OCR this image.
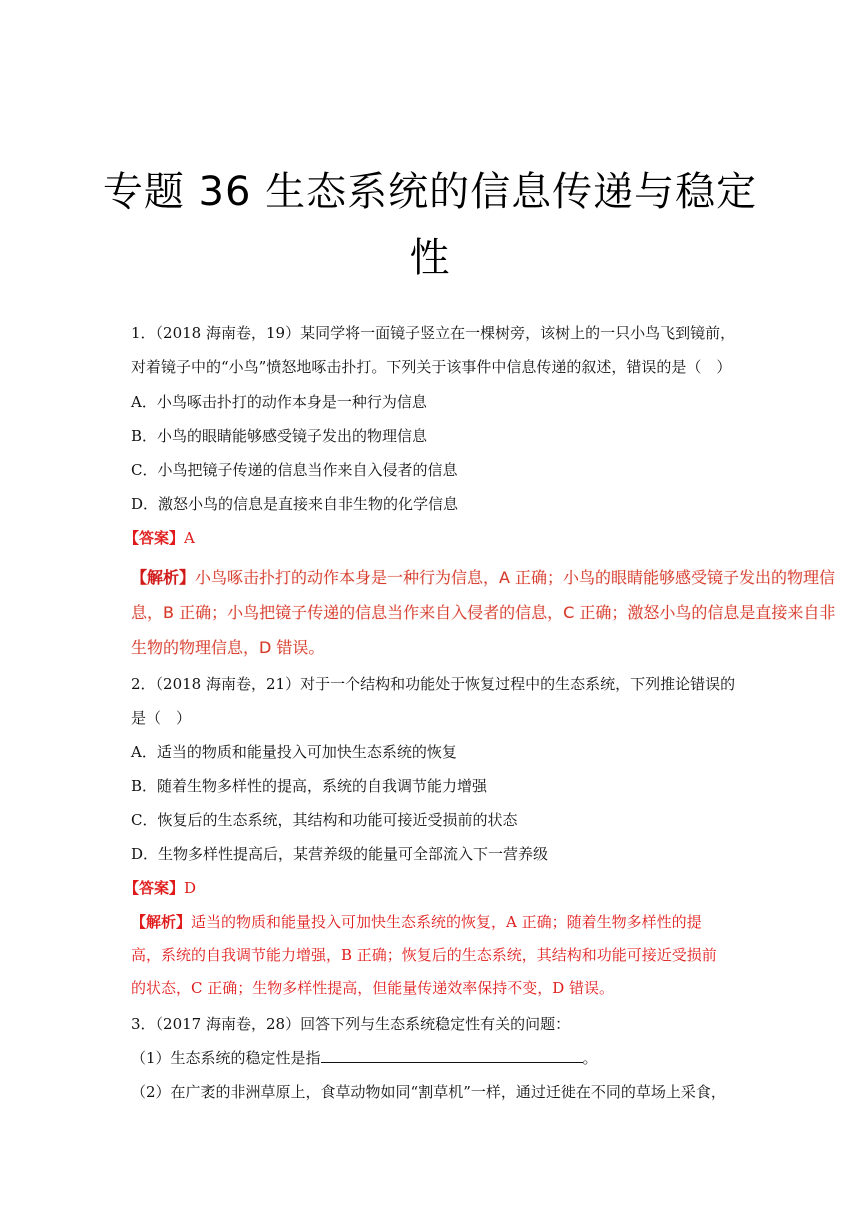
专题 36 生态系统的信息传递与稳定
性
1．（2018 海南卷，19）某同学将一面镜子竖立在一棵树旁，该树上的一只小鸟飞到镜前，
对着镜子中的“小鸟”愤怒地啄击扑打。下列关于该事件中信息传递的叙述，错误的是（　）
A．小鸟啄击扑打的动作本身是一种行为信息
B．小鸟的眼睛能够感受镜子发出的物理信息
C．小鸟把镜子传递的信息当作来自入侵者的信息
D．激怒小鸟的信息是直接来自非生物的化学信息
【答案】A
【解析】小鸟啄击扑打的动作本身是一种行为信息，A 正确；小鸟的眼睛能够感受镜子发出的物理信息，B 正确；小鸟把镜子传递的信息当作来自入侵者的信息，C 正确；激怒小鸟的信息是直接来自非生物的物理信息，D 错误。
2．（2018 海南卷，21）对于一个结构和功能处于恢复过程中的生态系统，下列推论错误的
是（　）
A．适当的物质和能量投入可加快生态系统的恢复
B．随着生物多样性的提高，系统的自我调节能力增强
C．恢复后的生态系统，其结构和功能可接近受损前的状态
D．生物多样性提高后，某营养级的能量可全部流入下一营养级
【答案】D
【解析】适当的物质和能量投入可加快生态系统的恢复，A 正确；随着生物多样性的提高，系统的自我调节能力增强，B 正确；恢复后的生态系统，其结构和功能可接近受损前的状态，C 正确；生物多样性提高，但能量传递效率保持不变，D 错误。
3．（2017 海南卷，28）回答下列与生态系统稳定性有关的问题：
（1）生态系统的稳定性是指	。
（2）在广袤的非洲草原上，食草动物如同“割草机”一样，通过迁徙在不同的草场上采食，
